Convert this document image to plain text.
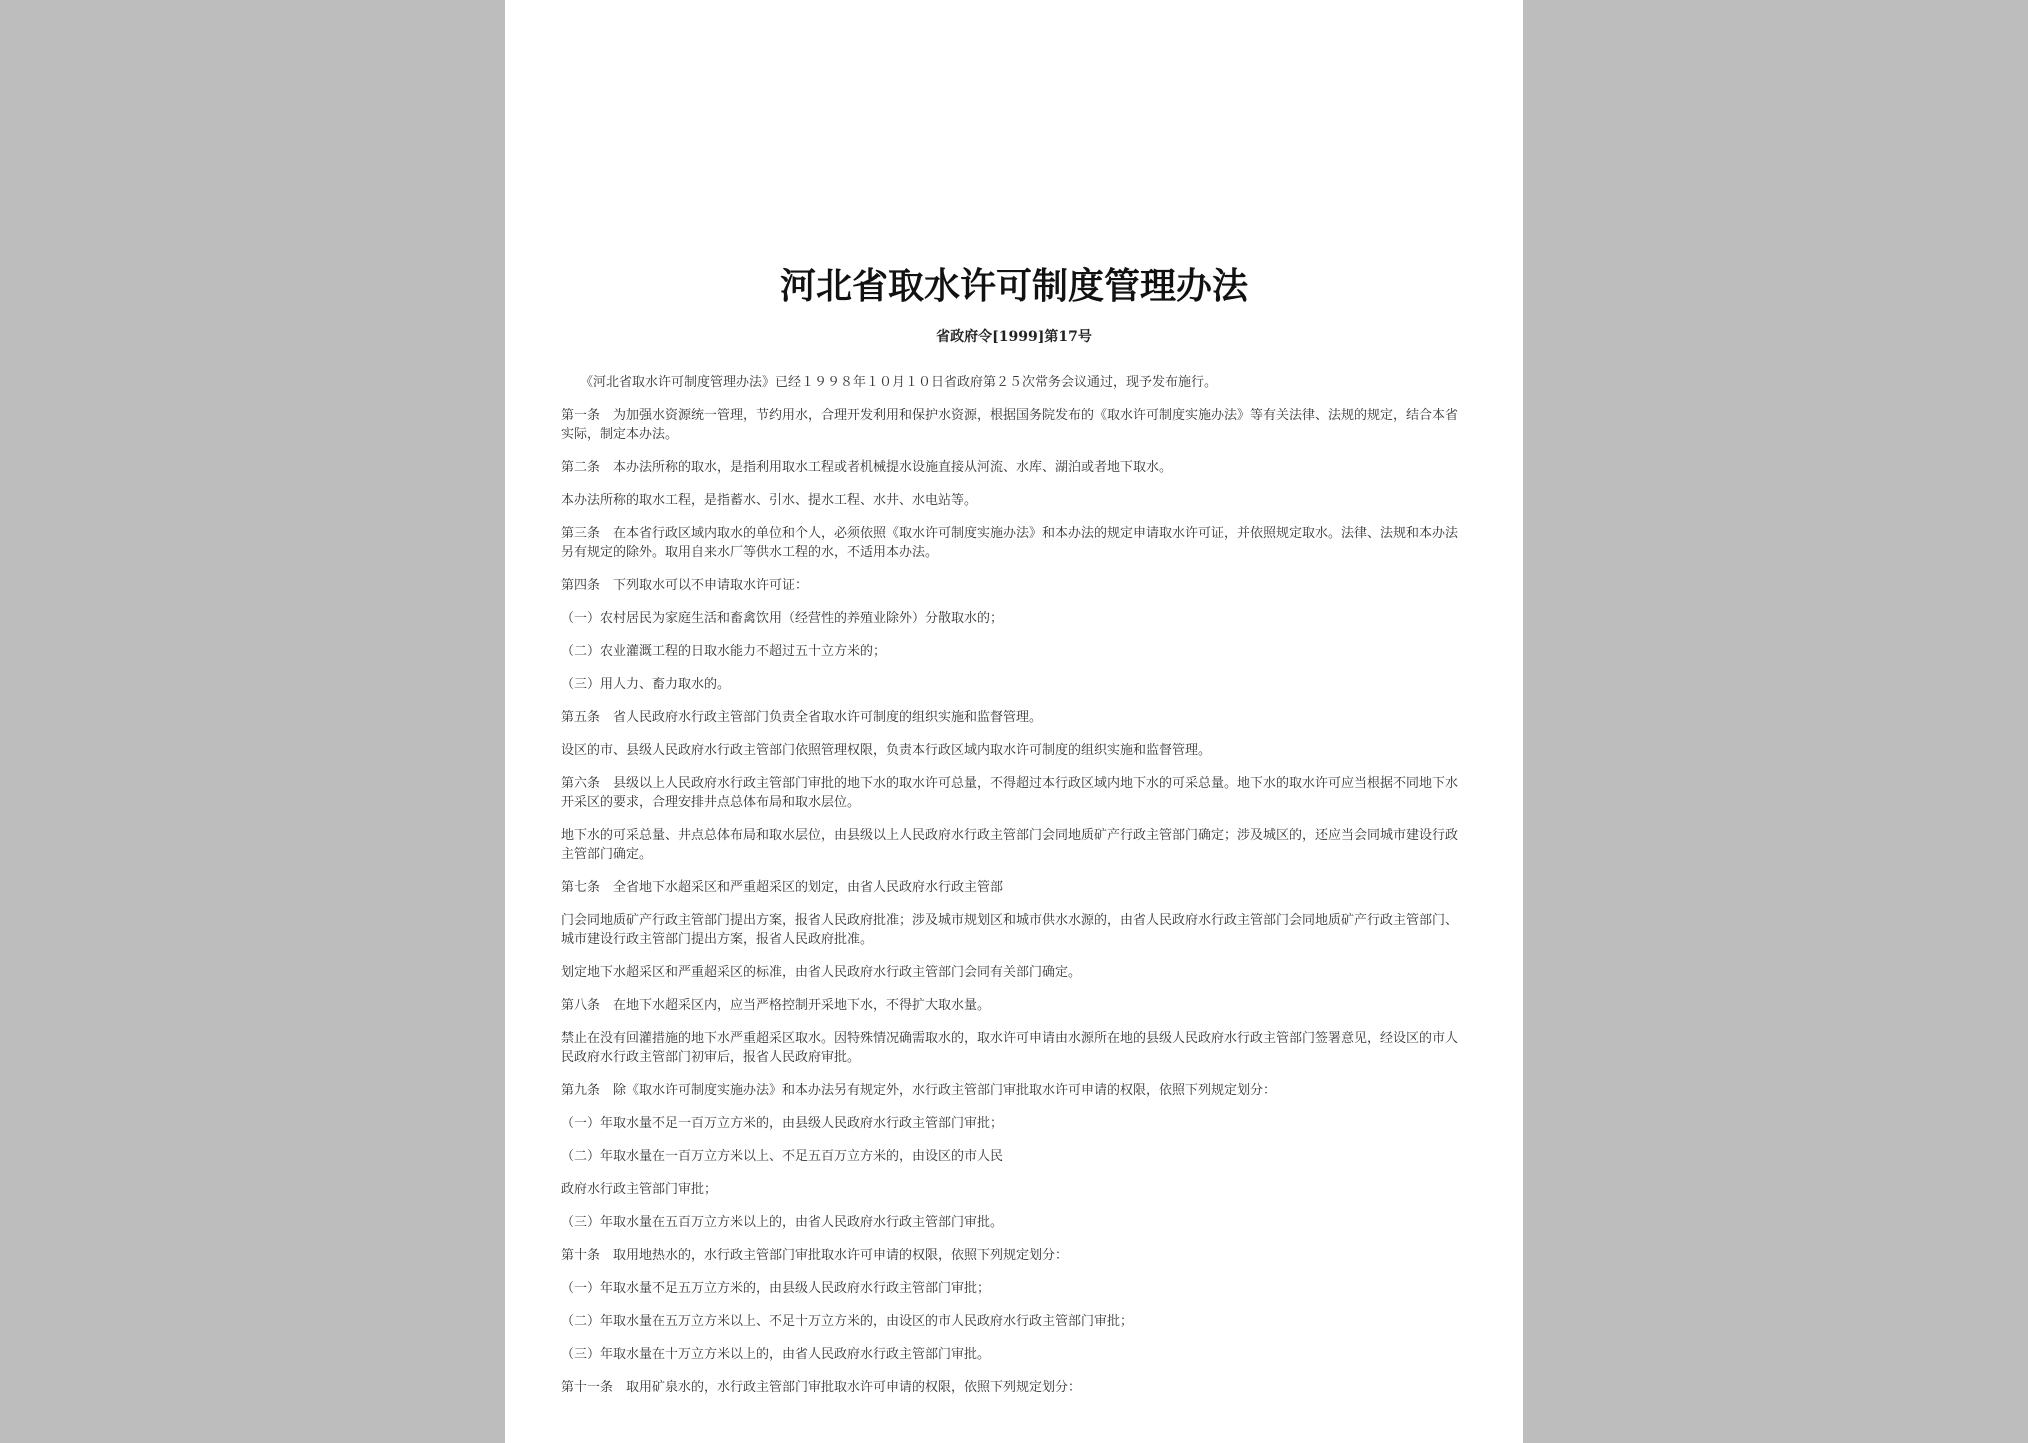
河北省取水许可制度管理办法
省政府令[1999]第17号

《河北省取水许可制度管理办法》已经１９９８年１０月１０日省政府第２５次常务会议通过，现予发布施行。

第一条　为加强水资源统一管理，节约用水，合理开发利用和保护水资源，根据国务院发布的《取水许可制度实施办法》等有关法律、法规的规定，结合本省实际，制定本办法。

第二条　本办法所称的取水，是指利用取水工程或者机械提水设施直接从河流、水库、湖泊或者地下取水。

本办法所称的取水工程，是指蓄水、引水、提水工程、水井、水电站等。

第三条　在本省行政区域内取水的单位和个人，必须依照《取水许可制度实施办法》和本办法的规定申请取水许可证，并依照规定取水。法律、法规和本办法另有规定的除外。取用自来水厂等供水工程的水，不适用本办法。

第四条　下列取水可以不申请取水许可证：

（一）农村居民为家庭生活和畜禽饮用（经营性的养殖业除外）分散取水的；

（二）农业灌溉工程的日取水能力不超过五十立方米的；

（三）用人力、畜力取水的。

第五条　省人民政府水行政主管部门负责全省取水许可制度的组织实施和监督管理。

设区的市、县级人民政府水行政主管部门依照管理权限，负责本行政区域内取水许可制度的组织实施和监督管理。

第六条　县级以上人民政府水行政主管部门审批的地下水的取水许可总量，不得超过本行政区域内地下水的可采总量。地下水的取水许可应当根据不同地下水开采区的要求，合理安排井点总体布局和取水层位。

地下水的可采总量、井点总体布局和取水层位，由县级以上人民政府水行政主管部门会同地质矿产行政主管部门确定；涉及城区的，还应当会同城市建设行政主管部门确定。

第七条　全省地下水超采区和严重超采区的划定，由省人民政府水行政主管部

门会同地质矿产行政主管部门提出方案，报省人民政府批准；涉及城市规划区和城市供水水源的，由省人民政府水行政主管部门会同地质矿产行政主管部门、城市建设行政主管部门提出方案，报省人民政府批准。

划定地下水超采区和严重超采区的标准，由省人民政府水行政主管部门会同有关部门确定。

第八条　在地下水超采区内，应当严格控制开采地下水，不得扩大取水量。

禁止在没有回灌措施的地下水严重超采区取水。因特殊情况确需取水的，取水许可申请由水源所在地的县级人民政府水行政主管部门签署意见，经设区的市人民政府水行政主管部门初审后，报省人民政府审批。

第九条　除《取水许可制度实施办法》和本办法另有规定外，水行政主管部门审批取水许可申请的权限，依照下列规定划分：

（一）年取水量不足一百万立方米的，由县级人民政府水行政主管部门审批；

（二）年取水量在一百万立方米以上、不足五百万立方米的，由设区的市人民

政府水行政主管部门审批；

（三）年取水量在五百万立方米以上的，由省人民政府水行政主管部门审批。

第十条　取用地热水的，水行政主管部门审批取水许可申请的权限，依照下列规定划分：

（一）年取水量不足五万立方米的，由县级人民政府水行政主管部门审批；

（二）年取水量在五万立方米以上、不足十万立方米的，由设区的市人民政府水行政主管部门审批；

（三）年取水量在十万立方米以上的，由省人民政府水行政主管部门审批。

第十一条　取用矿泉水的，水行政主管部门审批取水许可申请的权限，依照下列规定划分：
